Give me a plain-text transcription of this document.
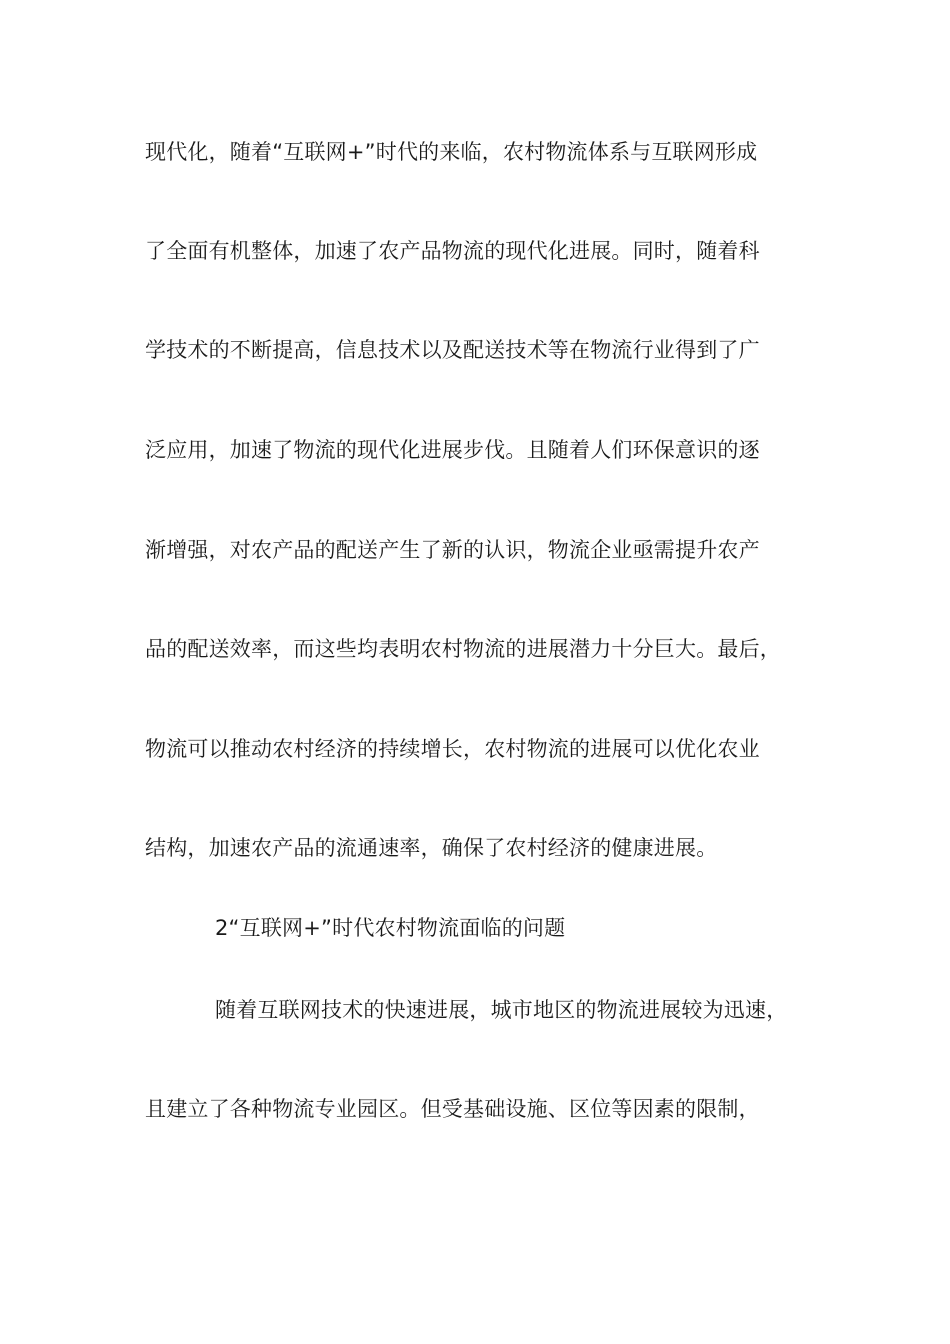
现代化，随着“互联网+”时代的来临，农村物流体系与互联网形成
了全面有机整体，加速了农产品物流的现代化进展。同时，随着科
学技术的不断提高，信息技术以及配送技术等在物流行业得到了广
泛应用，加速了物流的现代化进展步伐。且随着人们环保意识的逐
渐增强，对农产品的配送产生了新的认识，物流企业亟需提升农产
品的配送效率，而这些均表明农村物流的进展潜力十分巨大。最后，
物流可以推动农村经济的持续增长，农村物流的进展可以优化农业
结构，加速农产品的流通速率，确保了农村经济的健康进展。
2“互联网+”时代农村物流面临的问题
随着互联网技术的快速进展，城市地区的物流进展较为迅速，
且建立了各种物流专业园区。但受基础设施、区位等因素的限制，
